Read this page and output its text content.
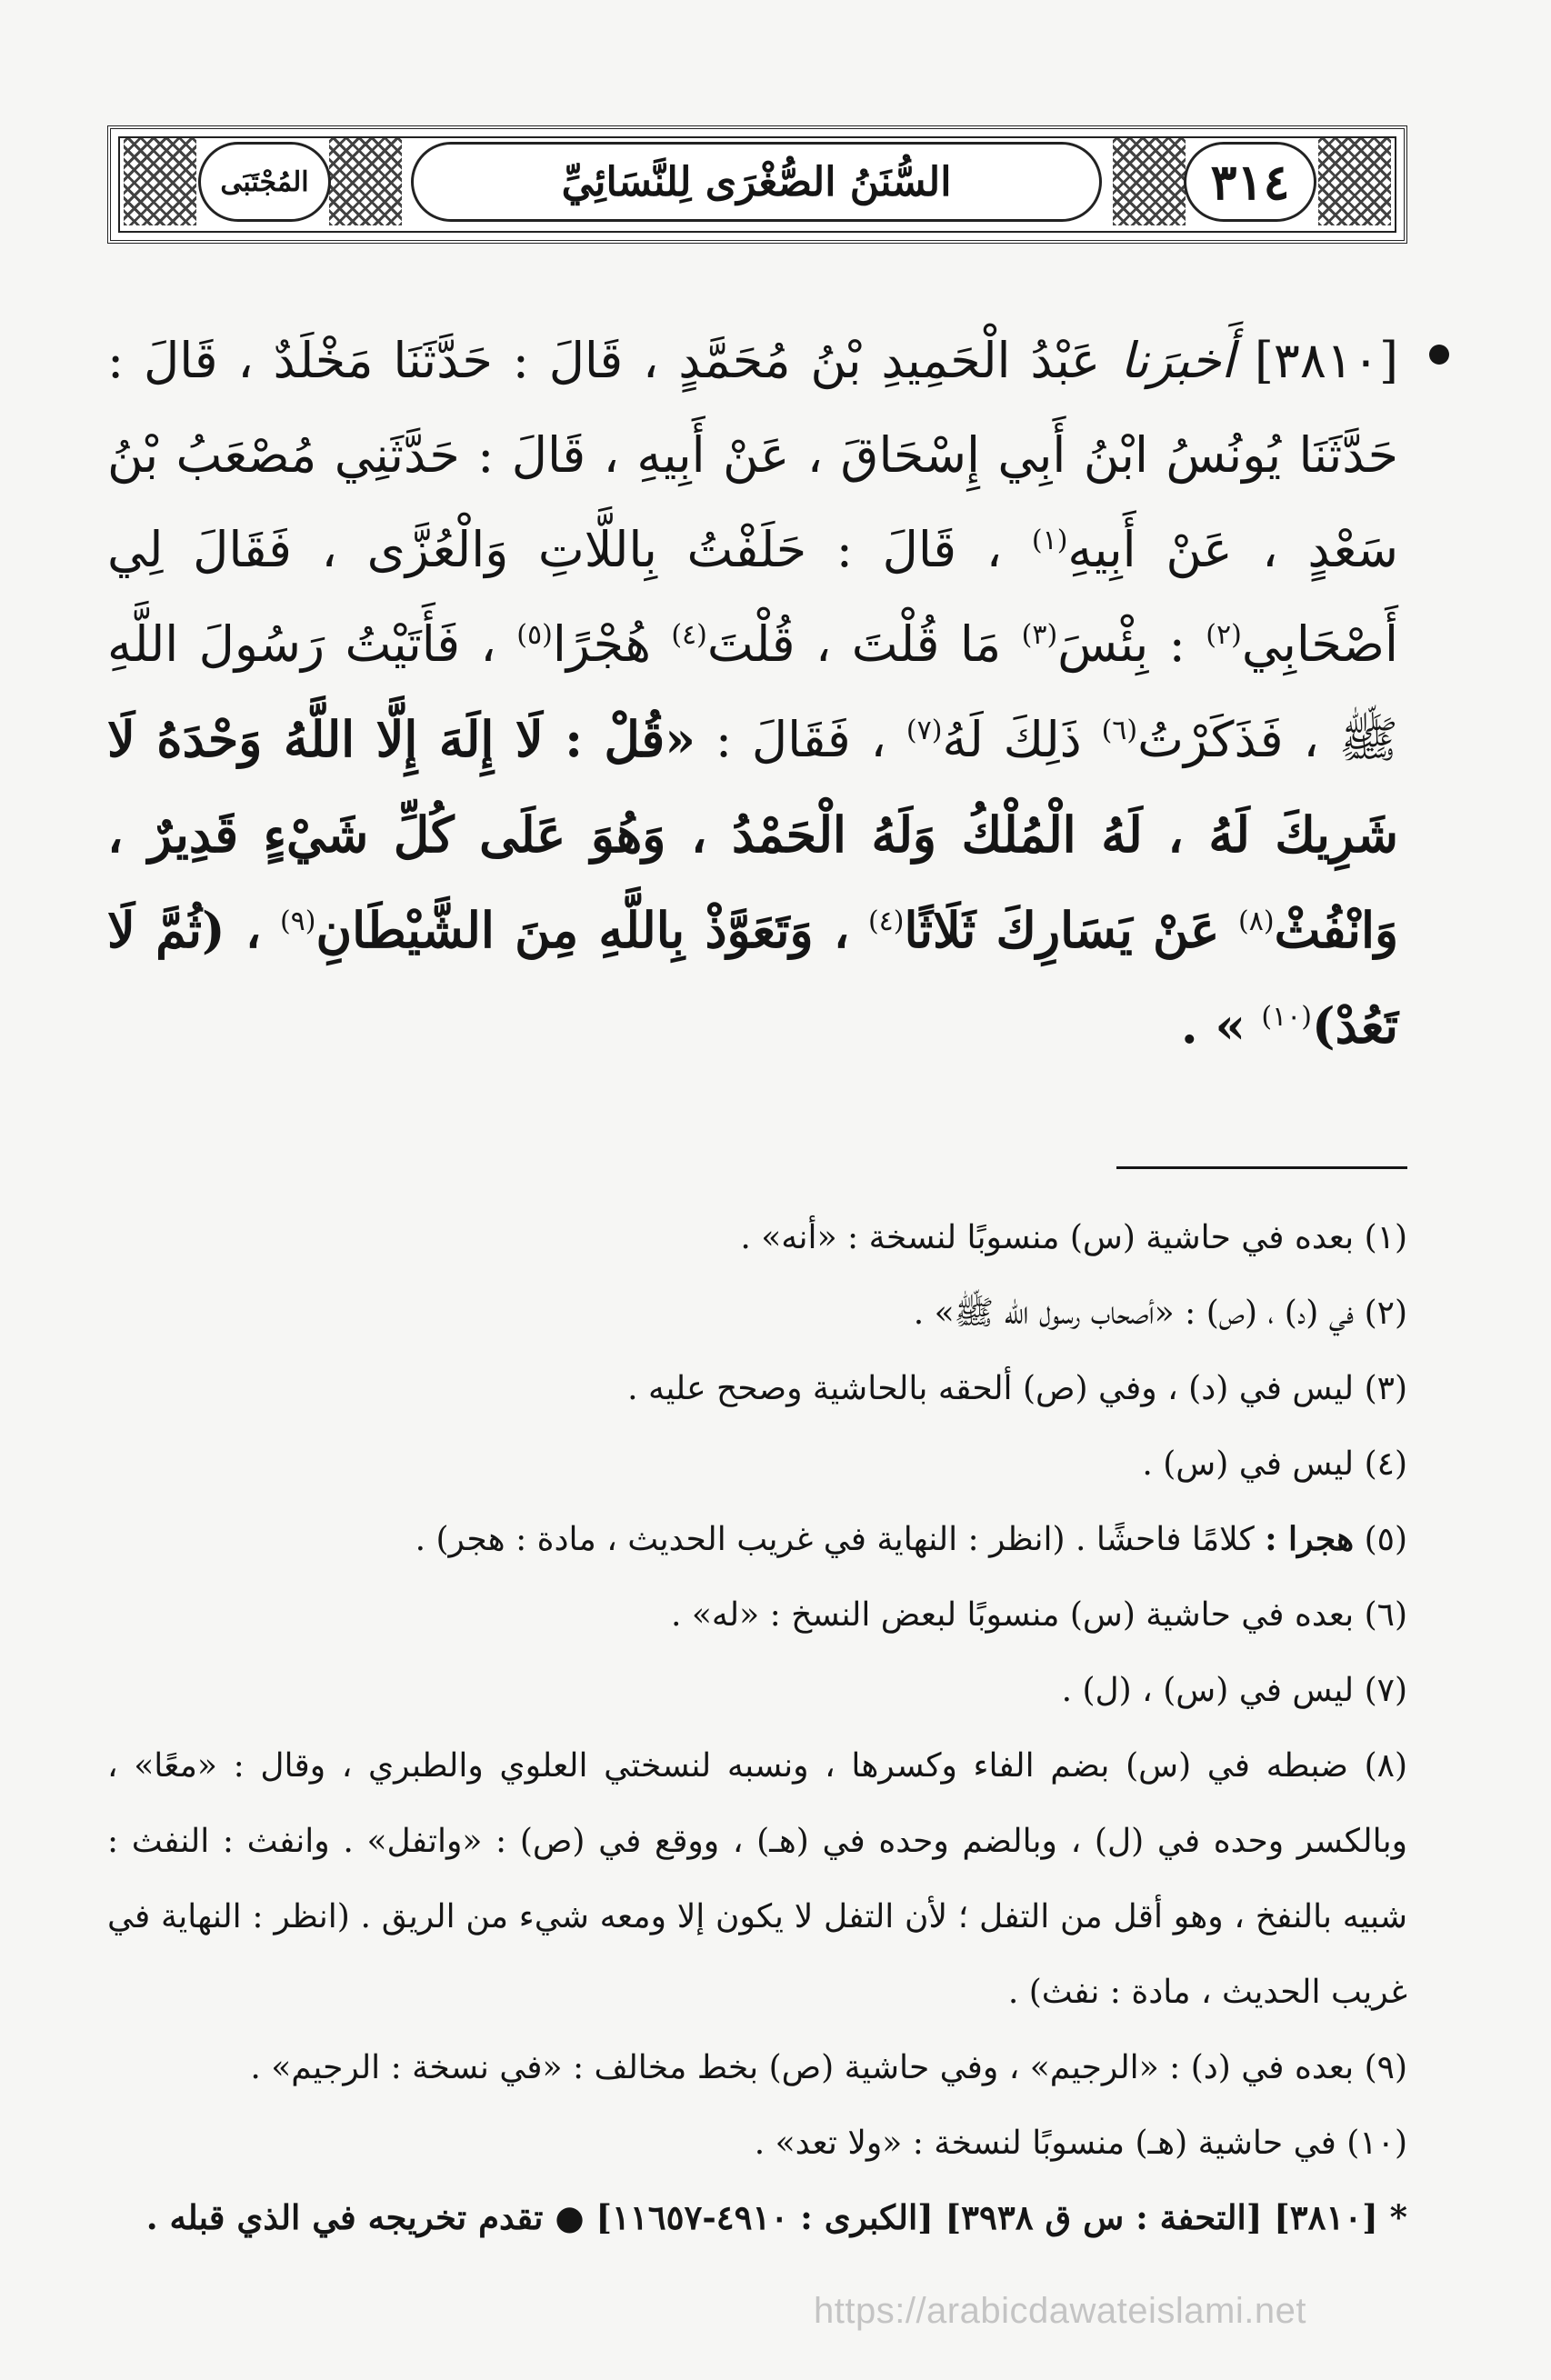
المُجْتَبَى	السُّنَنُ الصُّغْرَى لِلنَّسَائِيِّ	٣١٤
[٣٨١٠] أَخبرَنا عَبْدُ الْحَمِيدِ بْنُ مُحَمَّدٍ ، قَالَ : حَدَّثَنَا مَخْلَدٌ ، قَالَ : حَدَّثَنَا يُونُسُ ابْنُ أَبِي إِسْحَاقَ ، عَنْ أَبِيهِ ، قَالَ : حَدَّثَنِي مُصْعَبُ بْنُ سَعْدٍ ، عَنْ أَبِيهِ$^{(١)}$ ، قَالَ : حَلَفْتُ بِاللَّاتِ وَالْعُزَّى ، فَقَالَ لِي أَصْحَابِي$^{(٢)}$ : بِئْسَ$^{(٣)}$ مَا قُلْتَ ، قُلْتَ$^{(٤)}$ هُجْرًا$^{(٥)}$ ، فَأَتَيْتُ رَسُولَ اللَّهِ ﷺ ، فَذَكَرْتُ$^{(٦)}$ ذَلِكَ لَهُ$^{(٧)}$ ، فَقَالَ : «قُلْ : لَا إِلَهَ إِلَّا اللَّهُ وَحْدَهُ لَا شَرِيكَ لَهُ ، لَهُ الْمُلْكُ وَلَهُ الْحَمْدُ ، وَهُوَ عَلَى كُلِّ شَيْءٍ قَدِيرٌ ، وَانْفُثْ$^{(٨)}$ عَنْ يَسَارِكَ ثَلَاثًا$^{(٤)}$ ، وَتَعَوَّذْ بِاللَّهِ مِنَ الشَّيْطَانِ$^{(٩)}$ ، (ثُمَّ لَا تَعُدْ)$^{(١٠)}$ » .

(١) بعده في حاشية (س) منسوبًا لنسخة : «أنه» .

(٢) في (د) ، (ص) : «أصحاب رسول الله ﷺ» .

(٣) ليس في (د) ، وفي (ص) ألحقه بالحاشية وصحح عليه .

(٤) ليس في (س) .

(٥) هجرا : كلامًا فاحشًا . (انظر : النهاية في غريب الحديث ، مادة : هجر) .

(٦) بعده في حاشية (س) منسوبًا لبعض النسخ : «له» .

(٧) ليس في (س) ، (ل) .

(٨) ضبطه في (س) بضم الفاء وكسرها ، ونسبه لنسختي العلوي والطبري ، وقال : «معًا» ، وبالكسر وحده في (ل) ، وبالضم وحده في (هـ) ، ووقع في (ص) : «واتفل» . وانفث : النفث : شبيه بالنفخ ، وهو أقل من التفل ؛ لأن التفل لا يكون إلا ومعه شيء من الريق . (انظر : النهاية في غريب الحديث ، مادة : نفث) .

(٩) بعده في (د) : «الرجيم» ، وفي حاشية (ص) بخط مخالف : «في نسخة : الرجيم» .

(١٠) في حاشية (هـ) منسوبًا لنسخة : «ولا تعد» .

* [٣٨١٠] [التحفة : س ق ٣٩٣٨] [الكبرى : ٤٩١٠-١١٦٥٧] ● تقدم تخريجه في الذي قبله .
https://arabicdawateislami.net
